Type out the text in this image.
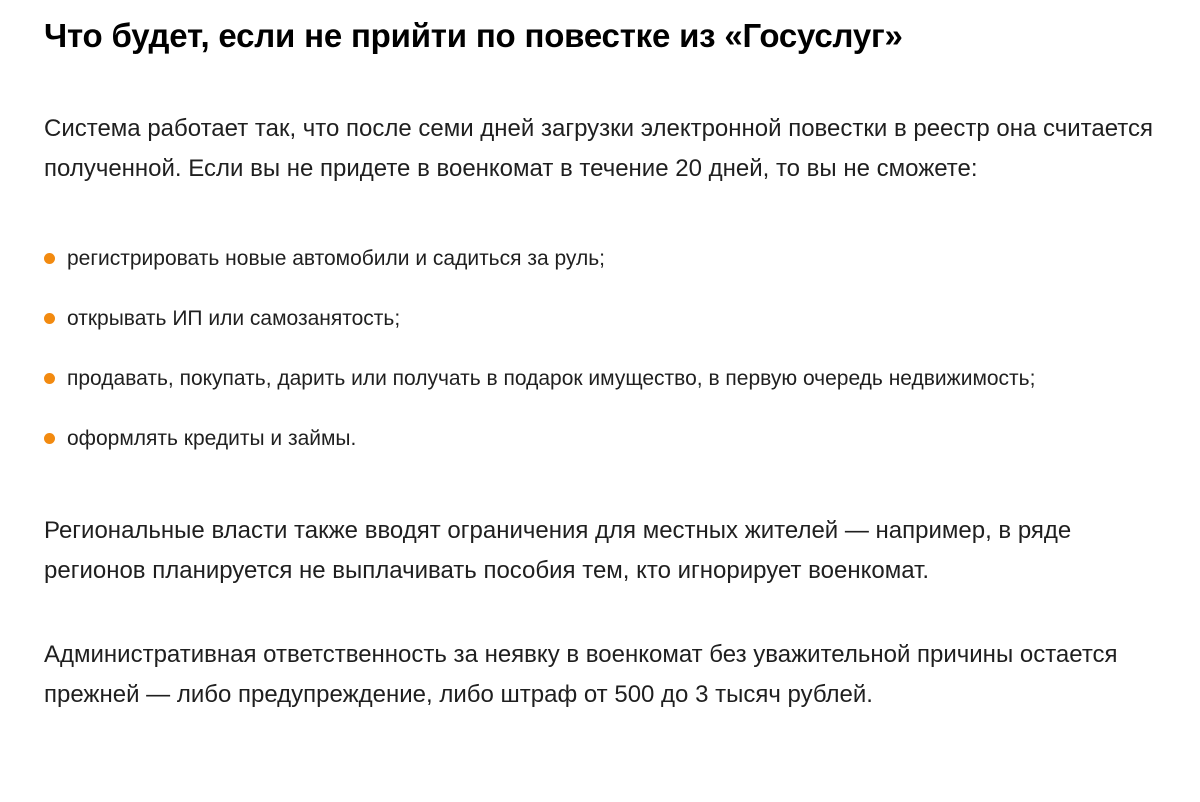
Что будет, если не прийти по повестке из «Госуслуг»

Система работает так, что после семи дней загрузки электронной повестки в реестр она считается полученной. Если вы не придете в военкомат в течение 20 дней, то вы не сможете:

регистрировать новые автомобили и садиться за руль;
открывать ИП или самозанятость;
продавать, покупать, дарить или получать в подарок имущество, в первую очередь недвижимость;
оформлять кредиты и займы.

Региональные власти также вводят ограничения для местных жителей — например, в ряде регионов планируется не выплачивать пособия тем, кто игнорирует военкомат.

Административная ответственность за неявку в военкомат без уважительной причины остается прежней — либо предупреждение, либо штраф от 500 до 3 тысяч рублей.
